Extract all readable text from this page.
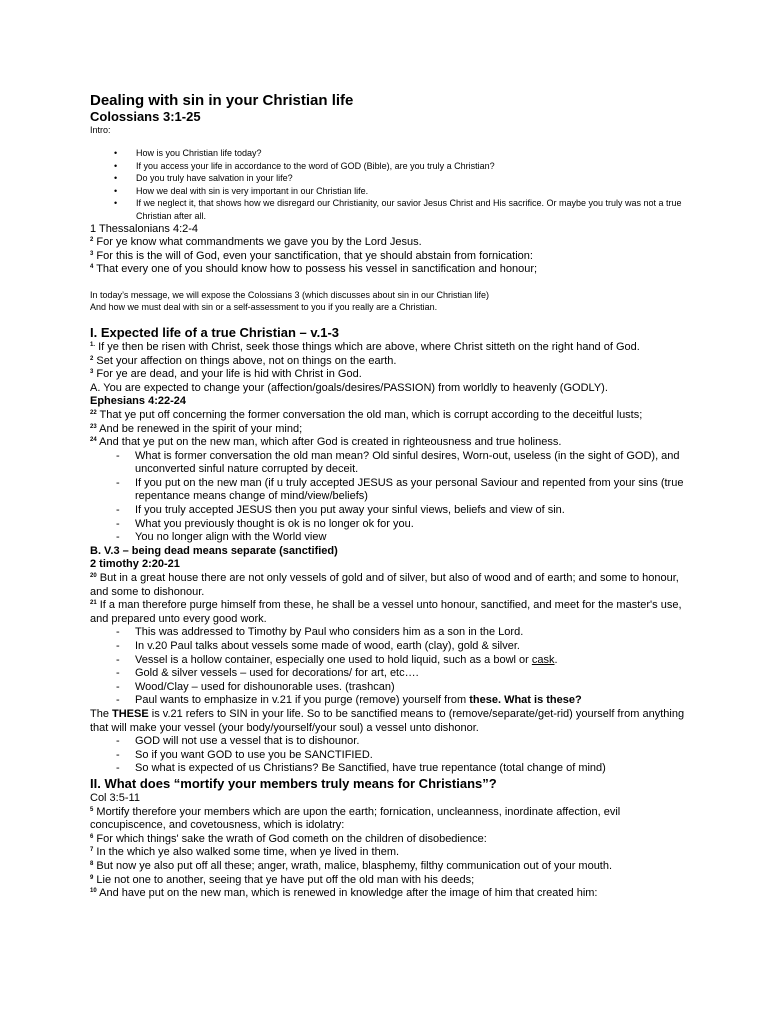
Dealing with sin in your Christian life

Colossians 3:1-25

Intro:

• How is you Christian life today?
• If you access your life in accordance to the word of GOD (Bible), are you truly a Christian?
• Do you truly have salvation in your life?
• How we deal with sin is very important in our Christian life.
• If we neglect it, that shows how we disregard our Christianity, our savior Jesus Christ and His sacrifice. Or maybe you truly was not a true Christian after all.

1 Thessalonians 4:2-4

$^2$ For ye know what commandments we gave you by the Lord Jesus.

$^3$ For this is the will of God, even your sanctification, that ye should abstain from fornication:

$^4$ That every one of you should know how to possess his vessel in sanctification and honour;

In today’s message, we will expose the Colossians 3 (which discusses about sin in our Christian life)

And how we must deal with sin or a self-assessment to you if you really are a Christian.

I. Expected life of a true Christian – v.1-3

$^{1.}$ If ye then be risen with Christ, seek those things which are above, where Christ sitteth on the right hand of God.

$^2$ Set your affection on things above, not on things on the earth.

$^3$ For ye are dead, and your life is hid with Christ in God.

A. You are expected to change your (affection/goals/desires/PASSION) from worldly to heavenly (GODLY).

Ephesians 4:22-24

$^{22}$ That ye put off concerning the former conversation the old man, which is corrupt according to the deceitful lusts;

$^{23}$ And be renewed in the spirit of your mind;

$^{24}$ And that ye put on the new man, which after God is created in righteousness and true holiness.

- What is former conversation the old man mean? Old sinful desires, Worn-out, useless (in the sight of GOD), and unconverted sinful nature corrupted by deceit.
- If you put on the new man (if u truly accepted JESUS as your personal Saviour and repented from your sins (true repentance means change of mind/view/beliefs)
- If you truly accepted JESUS then you put away your sinful views, beliefs and view of sin.
- What you previously thought is ok is no longer ok for you.
- You no longer align with the World view

B. V.3 – being dead means separate (sanctified)

2 timothy 2:20-21

$^{20}$ But in a great house there are not only vessels of gold and of silver, but also of wood and of earth; and some to honour, and some to dishonour.

$^{21}$ If a man therefore purge himself from these, he shall be a vessel unto honour, sanctified, and meet for the master's use, and prepared unto every good work.

- This was addressed to Timothy by Paul who considers him as a son in the Lord.
- In v.20 Paul talks about vessels some made of wood, earth (clay), gold & silver.
- Vessel is a hollow container, especially one used to hold liquid, such as a bowl or cask.
- Gold & silver vessels – used for decorations/ for art, etc….
- Wood/Clay – used for dishounorable uses. (trashcan)
- Paul wants to emphasize in v.21 if you purge (remove) yourself from these. What is these?

The THESE is v.21 refers to SIN in your life. So to be sanctified means to (remove/separate/get-rid) yourself from anything that will make your vessel (your body/yourself/your soul) a vessel unto dishonor.

- GOD will not use a vessel that is to dishounor.
- So if you want GOD to use you be SANCTIFIED.
- So what is expected of us Christians? Be Sanctified, have true repentance (total change of mind)

II. What does “mortify your members truly means for Christians”?

Col 3:5-11

$^5$ Mortify therefore your members which are upon the earth; fornication, uncleanness, inordinate affection, evil concupiscence, and covetousness, which is idolatry:

$^6$ For which things' sake the wrath of God cometh on the children of disobedience:

$^7$ In the which ye also walked some time, when ye lived in them.

$^8$ But now ye also put off all these; anger, wrath, malice, blasphemy, filthy communication out of your mouth.

$^9$ Lie not one to another, seeing that ye have put off the old man with his deeds;

$^{10}$ And have put on the new man, which is renewed in knowledge after the image of him that created him:
